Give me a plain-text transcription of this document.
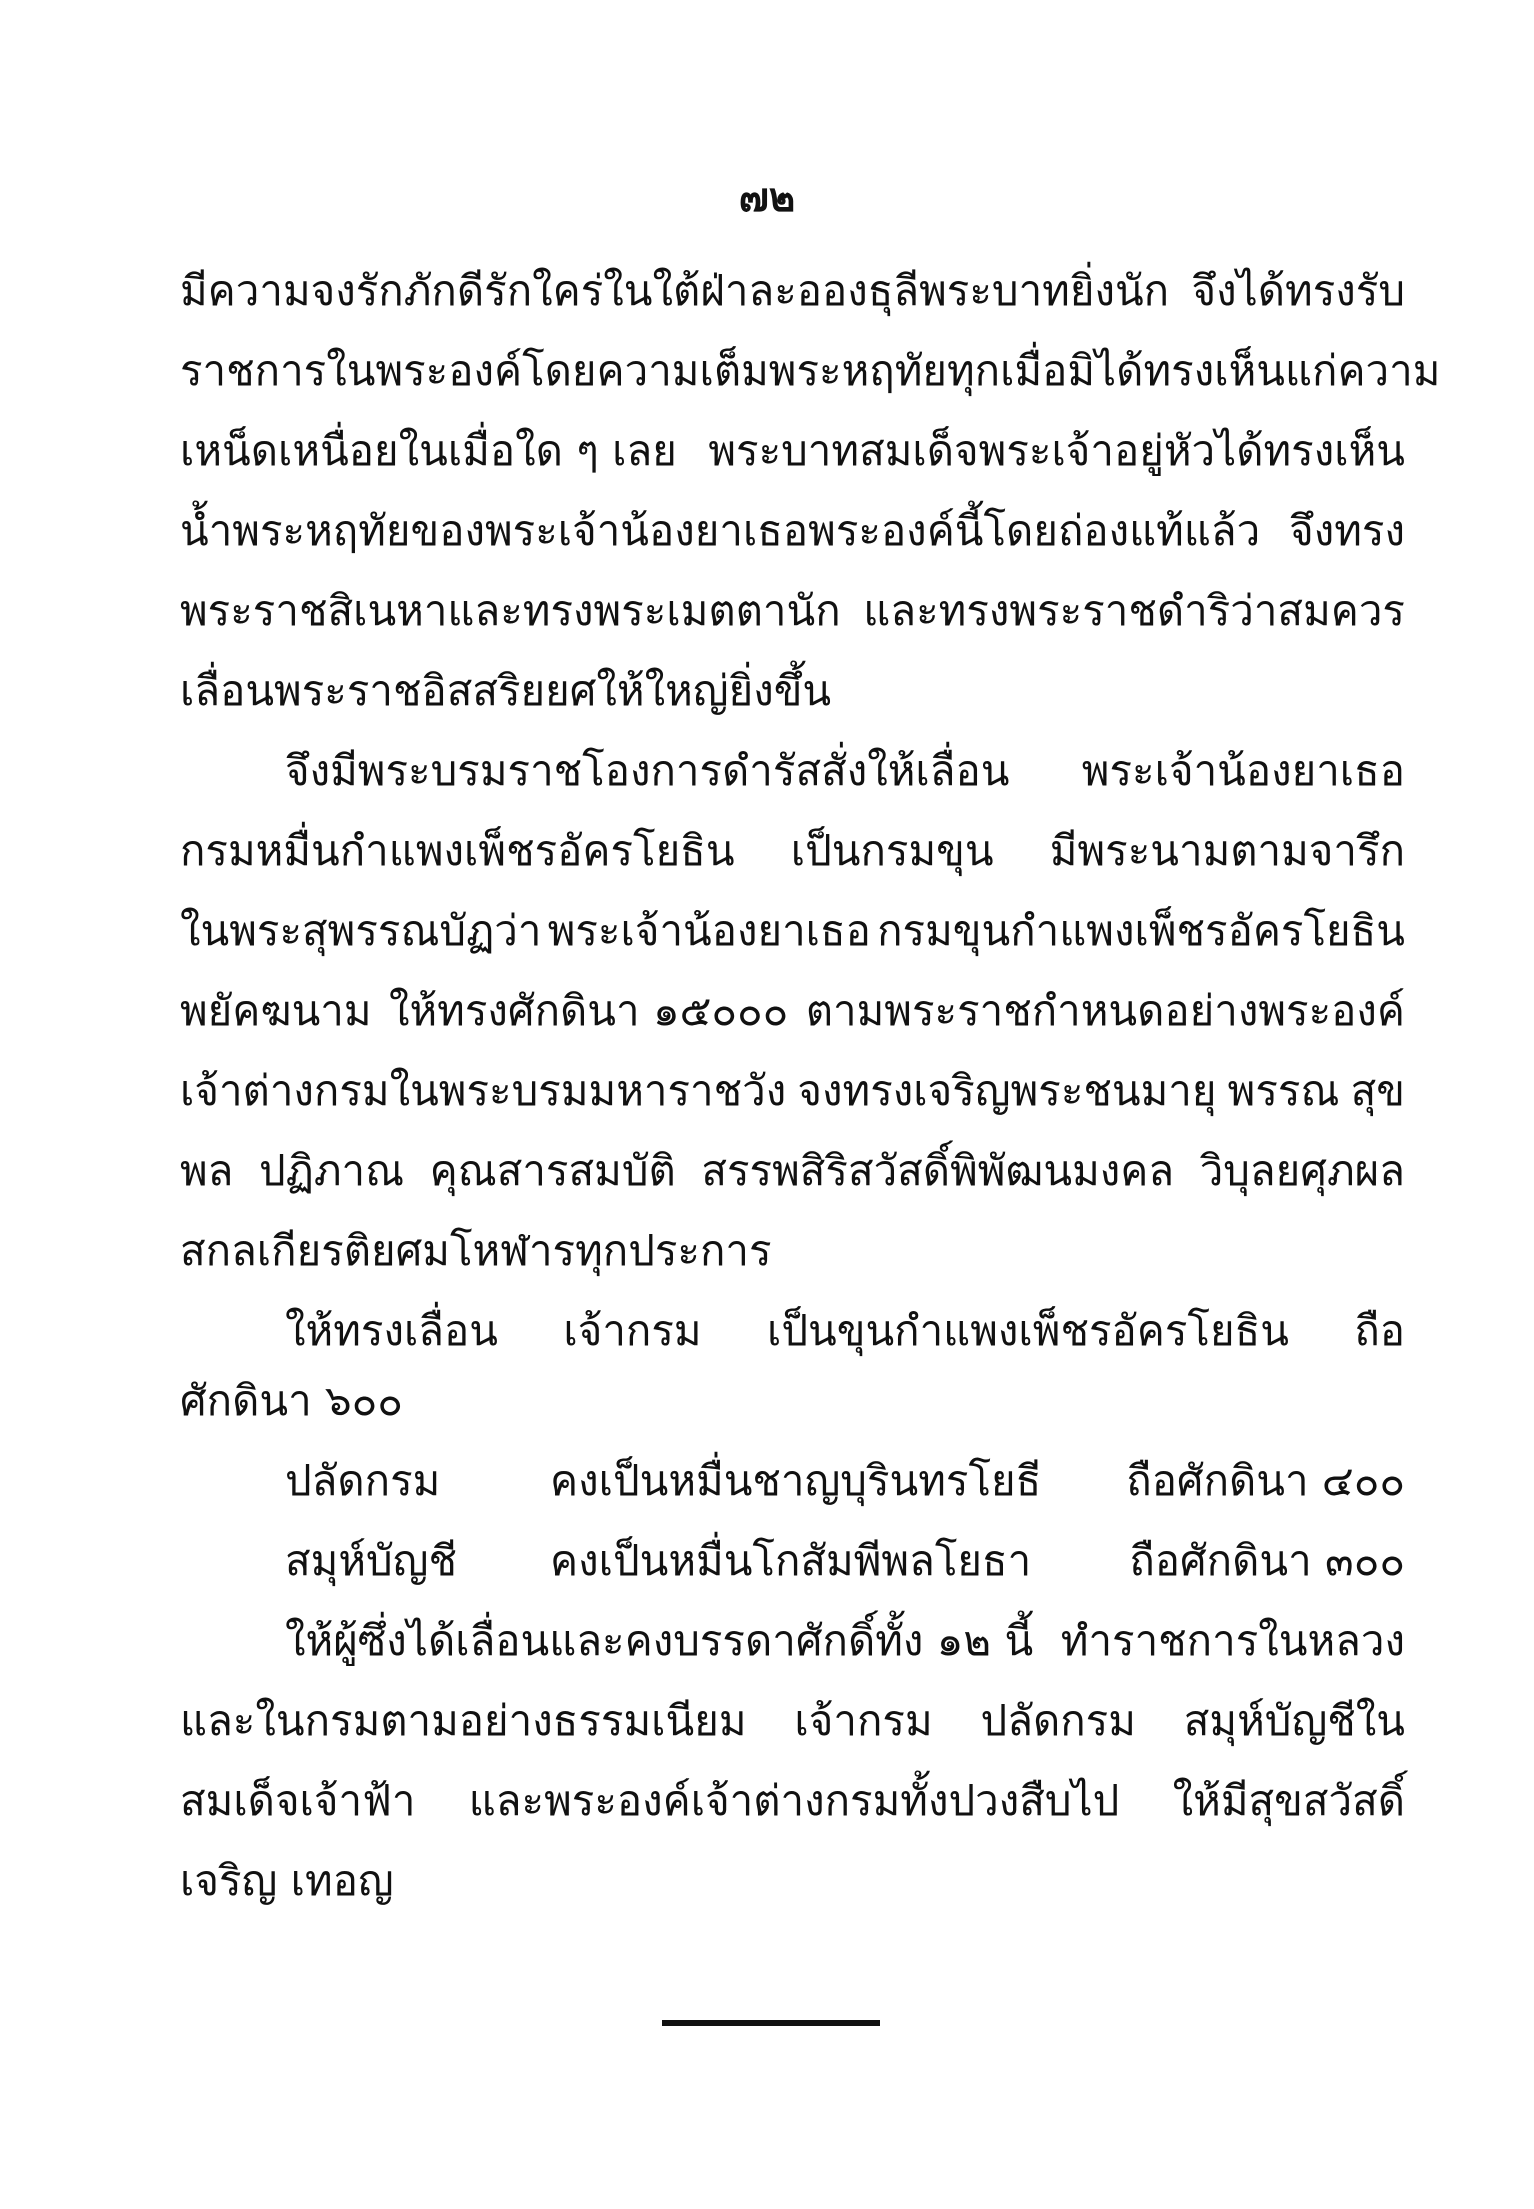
๗๒
มีความจงรักภักดีรักใคร่ในใต้ฝ่าละอองธุลีพระบาทยิ่งนัก จึงได้ทรงรับ
ราชการในพระองค์โดยความเต็มพระหฤทัยทุกเมื่อ มิได้ทรงเห็นแก่ความ
เหน็ดเหนื่อยในเมื่อใด ๆ เลย พระบาทสมเด็จพระเจ้าอยู่หัวได้ทรงเห็น
น้ำพระหฤทัยของพระเจ้าน้องยาเธอพระองค์นี้โดยถ่องแท้แล้ว จึงทรง
พระราชสิเนหาและทรงพระเมตตานัก และทรงพระราชดำริว่าสมควร
เลื่อนพระราชอิสสริยยศให้ใหญ่ยิ่งขึ้น
จึงมีพระบรมราชโองการดำรัสสั่งให้เลื่อน พระเจ้าน้องยาเธอ
กรมหมื่นกำแพงเพ็ชรอัครโยธิน เป็นกรมขุน มีพระนามตามจารึก
ในพระสุพรรณบัฏว่า พระเจ้าน้องยาเธอ กรมขุนกำแพงเพ็ชรอัครโยธิน
พยัคฆนาม ให้ทรงศักดินา ๑๕๐๐๐ ตามพระราชกำหนดอย่างพระองค์
เจ้าต่างกรมในพระบรมมหาราชวัง จงทรงเจริญพระชนมายุ พรรณ สุข
พล ปฏิภาณ คุณสารสมบัติ สรรพสิริสวัสดิ์พิพัฒนมงคล วิบุลยศุภผล
สกลเกียรติยศมโหฬารทุกประการ
ให้ทรงเลื่อน เจ้ากรม เป็นขุนกำแพงเพ็ชรอัครโยธิน ถือ
ศักดินา ๖๐๐
ปลัดกรม	คงเป็นหมื่นชาญบุรินทรโยธี ถือศักดินา ๔๐๐
สมุห์บัญชี คงเป็นหมื่นโกสัมพีพลโยธา ถือศักดินา ๓๐๐
ให้ผู้ซึ่งได้เลื่อนและคงบรรดาศักดิ์ทั้ง ๑๒ นี้ ทำราชการในหลวง
และในกรมตามอย่างธรรมเนียม เจ้ากรม ปลัดกรม สมุห์บัญชีใน
สมเด็จเจ้าฟ้า และพระองค์เจ้าต่างกรมทั้งปวงสืบไป ให้มีสุขสวัสดิ์
เจริญ เทอญ
